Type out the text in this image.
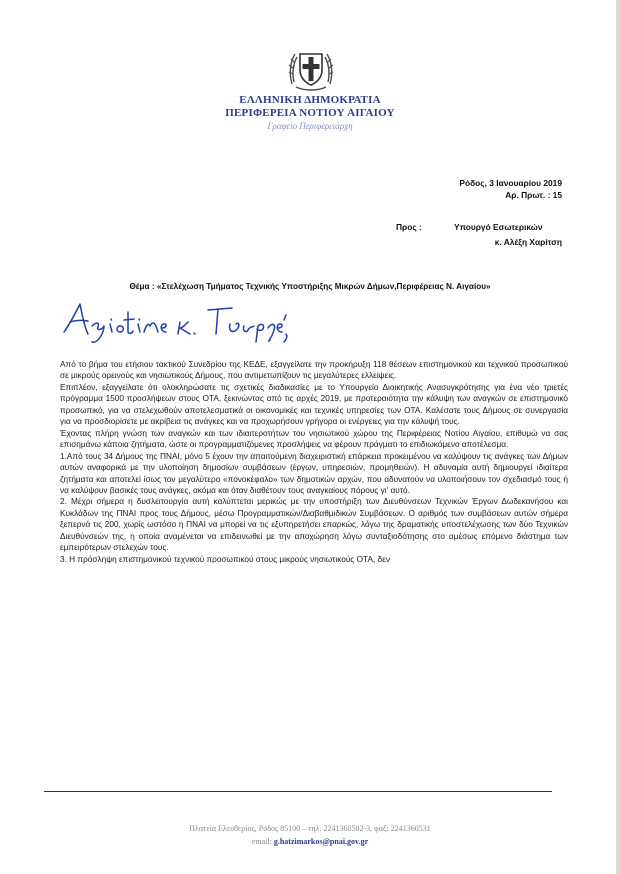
ΕΛΛΗΝΙΚΗ ΔΗΜΟΚΡΑΤΙΑ
ΠΕΡΙΦΕΡΕΙΑ ΝΟΤΙΟΥ ΑΙΓΑΙΟΥ
Γραφείο Περιφερειάρχη
Ρόδος, 3 Ιανουαρίου 2019
Αρ. Πρωτ. : 15
Προς :	Υπουργό Εσωτερικών
κ. Αλέξη Χαρίτση
Θέμα : «Στελέχωση Τμήματος Τεχνικής Υποστήριξης Μικρών Δήμων,Περιφέρειας Ν. Αιγαίου»

Από το βήμα του ετήσιου τακτικού Συνεδρίου της ΚΕΔΕ, εξαγγείλατε την προκήρυξη 118 θέσεων επιστημονικού και τεχνικού προσωπικού σε μικρούς ορεινούς και νησιωτικούς Δήμους, που αντιμετωπίζουν τις μεγαλύτερες ελλείψεις.

Επιπλέον, εξαγγείλατε ότι ολοκληρώσατε τις σχετικές διαδικασίες με το Υπουργείο Διοικητικής Ανασυγκρότησης για ένα νέο τριετές πρόγραμμα 1500 προσλήψεων στους ΟΤΑ, ξεκινώντας από τις αρχές 2019, με προτεραιότητα την κάλυψη των αναγκών σε επιστημονικό προσωπικό, για να στελεχωθούν αποτελεσματικά οι οικονομικές και τεχνικές υπηρεσίες των ΟΤΑ. Καλέσατε τους Δήμους σε συνεργασία για να προσδιορίσετε με ακρίβεια τις ανάγκες και να προχωρήσουν γρήγορα οι ενέργειες για την κάλυψή τους.

Έχοντας πλήρη γνώση των αναγκών και των ιδιαιτεροτήτων του νησιωτικού χώρου της Περιφέρειας Νοτίου Αιγαίου, επιθυμώ να σας επισημάνω κάποια ζητήματα, ώστε οι προγραμματιζόμενες προσλήψεις να φέρουν πράγματι το επιδιωκόμενο αποτέλεσμα.

1.Από τους 34 Δήμους της ΠΝΑΙ, μόνο 5 έχουν την απαιτούμενη διαχειριστική επάρκεια προκειμένου να καλύψουν τις ανάγκες των Δήμων αυτών αναφορικά με την υλοποίηση δημοσίων συμβάσεων (έργων, υπηρεσιών, προμηθειών). Η αδυναμία αυτή δημιουργεί ιδιαίτερα ζητήματα και αποτελεί ίσως τον μεγαλύτερο «πονοκέφαλο» των δημοτικών αρχών, που αδυνατούν να υλοποιήσουν τον σχεδιασμό τους ή να καλύψουν βασικές τους ανάγκες, ακόμα και όταν διαθέτουν τους αναγκαίους πόρους γι' αυτό.

2. Μέχρι σήμερα η δυσλειτουργία αυτή καλύπτεται μερικώς με την υποστήριξη των Διευθύνσεων Τεχνικών Έργων Δωδεκανήσου και Κυκλάδων της ΠΝΑΙ προς τους Δήμους, μέσω Προγραμματικών/Διαβαθμιδικών Συμβάσεων. Ο αριθμός των συμβάσεων αυτών σήμερα ξεπερνά τις 200, χωρίς ωστόσο η ΠΝΑΙ να μπορεί να τις εξυπηρετήσει επαρκώς, λόγω της δραματικής υποστελέχωσης των δύο Τεχνικών Διευθύνσεών της, η οποία αναμένεται να επιδεινωθεί με την αποχώρηση λόγω συνταξιοδότησης στο αμέσως επόμενο διάστημα των εμπειρότερων στελεχών τους.

3. Η πρόσληψη επιστημονικού τεχνικού προσωπικού στους μικρούς νησιωτικούς ΟΤΑ, δεν

Πλατεία Ελευθερίας, Ρόδος 85100 – τηλ. 2241360502-3, φαξ: 2241360531
email: g.hatzimarkos@pnai.gov.gr
